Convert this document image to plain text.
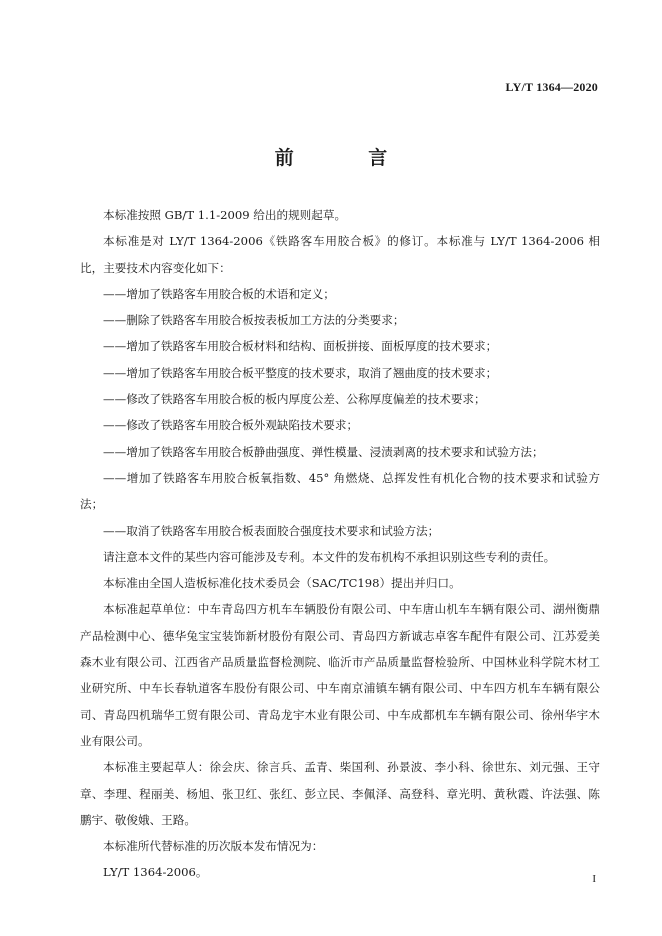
LY/T 1364—2020
前 言

本标准按照 GB/T 1.1-2009 给出的规则起草。

本标准是对 LY/T 1364-2006《铁路客车用胶合板》的修订。本标准与 LY/T 1364-2006 相比，主要技术内容变化如下：

——增加了铁路客车用胶合板的术语和定义；

——删除了铁路客车用胶合板按表板加工方法的分类要求；

——增加了铁路客车用胶合板材料和结构、面板拼接、面板厚度的技术要求；

——增加了铁路客车用胶合板平整度的技术要求，取消了翘曲度的技术要求；

——修改了铁路客车用胶合板的板内厚度公差、公称厚度偏差的技术要求；

——修改了铁路客车用胶合板外观缺陷技术要求；

——增加了铁路客车用胶合板静曲强度、弹性模量、浸渍剥离的技术要求和试验方法；

——增加了铁路客车用胶合板氧指数、45° 角燃烧、总挥发性有机化合物的技术要求和试验方法；

——取消了铁路客车用胶合板表面胶合强度技术要求和试验方法；

请注意本文件的某些内容可能涉及专利。本文件的发布机构不承担识别这些专利的责任。

本标准由全国人造板标准化技术委员会（SAC/TC198）提出并归口。

本标准起草单位：中车青岛四方机车车辆股份有限公司、中车唐山机车车辆有限公司、湖州衡鼎产品检测中心、德华兔宝宝装饰新材股份有限公司、青岛四方新诚志卓客车配件有限公司、江苏爱美森木业有限公司、江西省产品质量监督检测院、临沂市产品质量监督检验所、中国林业科学院木材工业研究所、中车长春轨道客车股份有限公司、中车南京浦镇车辆有限公司、中车四方机车车辆有限公司、青岛四机瑞华工贸有限公司、青岛龙宇木业有限公司、中车成都机车车辆有限公司、徐州华宇木业有限公司。

本标准主要起草人：徐会庆、徐言兵、孟青、柴国利、孙景波、李小科、徐世东、刘元强、王守章、李理、程丽美、杨旭、张卫红、张红、彭立民、李佩泽、高登科、章光明、黄秋霞、许法强、陈鹏宇、敬俊娥、王路。

本标准所代替标准的历次版本发布情况为：

LY/T 1364-2006。	I
